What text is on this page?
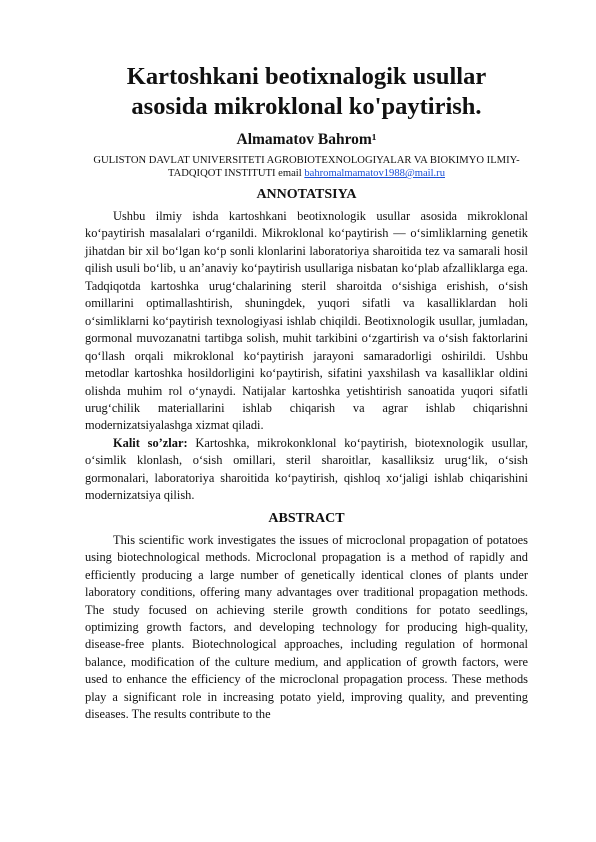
Kartoshkani beotixnalogik usullar
asosida mikroklonal ko'paytirish.

Almamatov Bahrom¹

GULISTON DAVLAT UNIVERSITETI AGROBIOTEXNOLOGIYALAR VA BIOKIMYO ILMIY-
TADQIQOT INSTITUTI email bahromalmamatov1988@mail.ru

ANNOTATSIYA

Ushbu ilmiy ishda kartoshkani beotixnologik usullar asosida mikroklonal ko‘paytirish masalalari o‘rganildi. Mikroklonal ko‘paytirish — o‘simliklarning genetik jihatdan bir xil bo‘lgan ko‘p sonli klonlarini laboratoriya sharoitida tez va samarali hosil qilish usuli bo‘lib, u an’anaviy ko‘paytirish usullariga nisbatan ko‘plab afzalliklarga ega. Tadqiqotda kartoshka urug‘chalarining steril sharoitda o‘sishiga erishish, o‘sish omillarini optimallashtirish, shuningdek, yuqori sifatli va kasalliklardan holi o‘simliklarni ko‘paytirish texnologiyasi ishlab chiqildi. Beotixnologik usullar, jumladan, gormonal muvozanatni tartibga solish, muhit tarkibini o‘zgartirish va o‘sish faktorlarini qo‘llash orqali mikroklonal ko‘paytirish jarayoni samaradorligi oshirildi. Ushbu metodlar kartoshka hosildorligini ko‘paytirish, sifatini yaxshilash va kasalliklar oldini olishda muhim rol o‘ynaydi. Natijalar kartoshka yetishtirish sanoatida yuqori sifatli urug‘chilik materiallarini ishlab chiqarish va agrar ishlab chiqarishni modernizatsiyalashga xizmat qiladi.

Kalit so’zlar: Kartoshka, mikrokonklonal ko‘paytirish, biotexnologik usullar, o‘simlik klonlash, o‘sish omillari, steril sharoitlar, kasalliksiz urug‘lik, o‘sish gormonalari, laboratoriya sharoitida ko‘paytirish, qishloq xo‘jaligi ishlab chiqarishini modernizatsiya qilish.

ABSTRACT

This scientific work investigates the issues of microclonal propagation of potatoes using biotechnological methods. Microclonal propagation is a method of rapidly and efficiently producing a large number of genetically identical clones of plants under laboratory conditions, offering many advantages over traditional propagation methods. The study focused on achieving sterile growth conditions for potato seedlings, optimizing growth factors, and developing technology for producing high-quality, disease-free plants. Biotechnological approaches, including regulation of hormonal balance, modification of the culture medium, and application of growth factors, were used to enhance the efficiency of the microclonal propagation process. These methods play a significant role in increasing potato yield, improving quality, and preventing diseases. The results contribute to the
